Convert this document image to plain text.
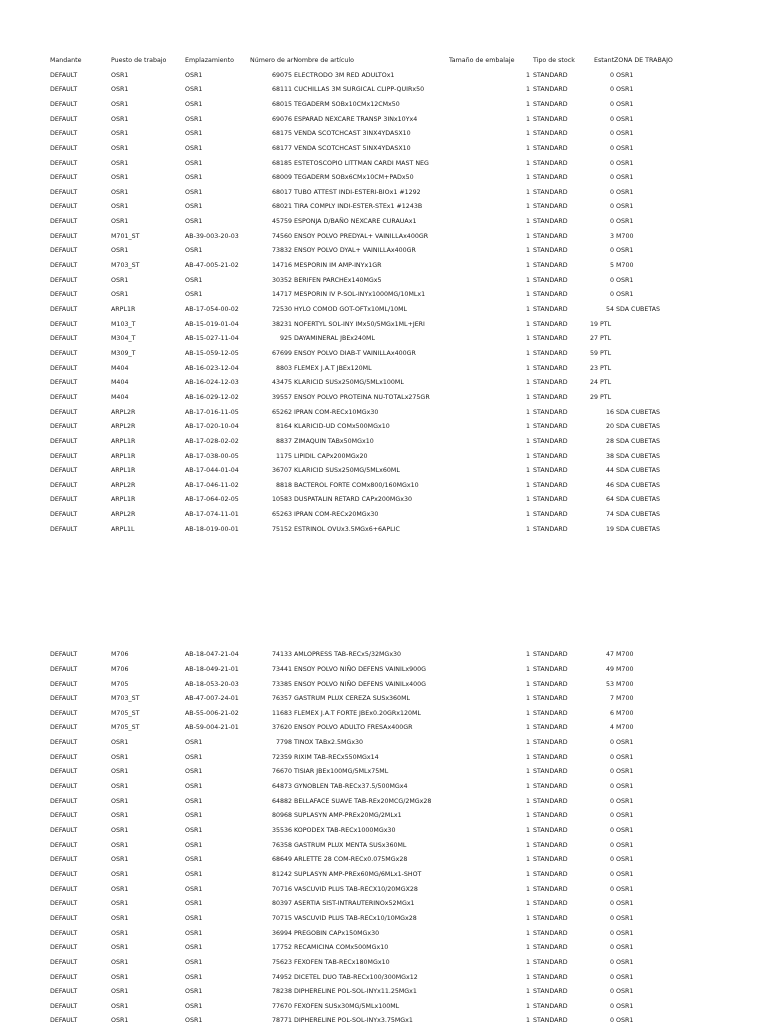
Mandante	Puesto de trabajo	Emplazamiento	Número de arNombre de artículo	Tamaño de embalaje	Tipo de stock	EstantZONA DE TRABAJO
DEFAULT	OSR1	OSR1	69075 ELECTRODO 3M RED ADULTOx1	1 STANDARD	0 OSR1
DEFAULT	OSR1	OSR1	68111 CUCHILLAS 3M SURGICAL CLIPP-QUIRx50	1 STANDARD	0 OSR1
DEFAULT	OSR1	OSR1	68015 TEGADERM SOBx10CMx12CMx50	1 STANDARD	0 OSR1
DEFAULT	OSR1	OSR1	69076 ESPARAD NEXCARE TRANSP 3INx10Yx4	1 STANDARD	0 OSR1
DEFAULT	OSR1	OSR1	68175 VENDA SCOTCHCAST 3INX4YDASX10	1 STANDARD	0 OSR1
DEFAULT	OSR1	OSR1	68177 VENDA SCOTCHCAST 5INX4YDASX10	1 STANDARD	0 OSR1
DEFAULT	OSR1	OSR1	68185 ESTETOSCOPIO LITTMAN CARDI MAST NEG	1 STANDARD	0 OSR1
DEFAULT	OSR1	OSR1	68009 TEGADERM SOBx6CMx10CM+PADx50	1 STANDARD	0 OSR1
DEFAULT	OSR1	OSR1	68017 TUBO ATTEST INDI-ESTERI-BIOx1 #1292	1 STANDARD	0 OSR1
DEFAULT	OSR1	OSR1	68021 TIRA COMPLY INDI-ESTER-STEx1 #1243B	1 STANDARD	0 OSR1
DEFAULT	OSR1	OSR1	45759 ESPONJA D/BAÑO NEXCARE CURAUAx1	1 STANDARD	0 OSR1
DEFAULT	M701_ST	AB-39-003-20-03	74560 ENSOY POLVO PREDYAL+ VAINILLAx400GR	1 STANDARD	3 M700
DEFAULT	OSR1	OSR1	73832 ENSOY POLVO DYAL+ VAINILLAx400GR	1 STANDARD	0 OSR1
DEFAULT	M703_ST	AB-47-005-21-02	14716 MESPORIN IM AMP-INYx1GR	1 STANDARD	5 M700
DEFAULT	OSR1	OSR1	30352 BERIFEN PARCHEx140MGx5	1 STANDARD	0 OSR1
DEFAULT	OSR1	OSR1	14717 MESPORIN IV P-SOL-INYx1000MG/10MLx1	1 STANDARD	0 OSR1
DEFAULT	ARPL1R	AB-17-054-00-02	72530 HYLO COMOD GOT-OFTx10ML/10ML	1 STANDARD	54 SDA CUBETAS
DEFAULT	M103_T	AB-15-019-01-04	38231 NOFERTYL SOL-INY IMx50/5MGx1ML+JERI	1 STANDARD	19 PTL
DEFAULT	M304_T	AB-15-027-11-04	925 DAYAMINERAL JBEx240ML	1 STANDARD	27 PTL
DEFAULT	M309_T	AB-15-059-12-05	67699 ENSOY POLVO DIAB-T VAINILLAx400GR	1 STANDARD	59 PTL
DEFAULT	M404	AB-16-023-12-04	8803 FLEMEX J.A.T JBEx120ML	1 STANDARD	23 PTL
DEFAULT	M404	AB-16-024-12-03	43475 KLARICID SUSx250MG/5MLx100ML	1 STANDARD	24 PTL
DEFAULT	M404	AB-16-029-12-02	39557 ENSOY POLVO PROTEINA NU-TOTALx275GR	1 STANDARD	29 PTL
DEFAULT	ARPL2R	AB-17-016-11-05	65262 IPRAN COM-RECx10MGx30	1 STANDARD	16 SDA CUBETAS
DEFAULT	ARPL2R	AB-17-020-10-04	8164 KLARICID-UD COMx500MGx10	1 STANDARD	20 SDA CUBETAS
DEFAULT	ARPL1R	AB-17-028-02-02	8837 ZIMAQUIN TABx50MGx10	1 STANDARD	28 SDA CUBETAS
DEFAULT	ARPL1R	AB-17-038-00-05	1175 LIPIDIL CAPx200MGx20	1 STANDARD	38 SDA CUBETAS
DEFAULT	ARPL1R	AB-17-044-01-04	36707 KLARICID SUSx250MG/5MLx60ML	1 STANDARD	44 SDA CUBETAS
DEFAULT	ARPL2R	AB-17-046-11-02	8818 BACTEROL FORTE COMx800/160MGx10	1 STANDARD	46 SDA CUBETAS
DEFAULT	ARPL1R	AB-17-064-02-05	10583 DUSPATALIN RETARD CAPx200MGx30	1 STANDARD	64 SDA CUBETAS
DEFAULT	ARPL2R	AB-17-074-11-01	65263 IPRAN COM-RECx20MGx30	1 STANDARD	74 SDA CUBETAS
DEFAULT	ARPL1L	AB-18-019-00-01	75152 ESTRINOL OVUx3.5MGx6+6APLIC	1 STANDARD	19 SDA CUBETAS
DEFAULT	M706	AB-18-047-21-04	74133 AMLOPRESS TAB-RECx5/32MGx30	1 STANDARD	47 M700
DEFAULT	M706	AB-18-049-21-01	73441 ENSOY POLVO NIÑO DEFENS VAINILx900G	1 STANDARD	49 M700
DEFAULT	M705	AB-18-053-20-03	73385 ENSOY POLVO NIÑO DEFENS VAINILx400G	1 STANDARD	53 M700
DEFAULT	M703_ST	AB-47-007-24-01	76357 GASTRUM PLUX CEREZA SUSx360ML	1 STANDARD	7 M700
DEFAULT	M705_ST	AB-55-006-21-02	11683 FLEMEX J.A.T FORTE JBEx0.20GRx120ML	1 STANDARD	6 M700
DEFAULT	M705_ST	AB-59-004-21-01	37620 ENSOY POLVO ADULTO FRESAx400GR	1 STANDARD	4 M700
DEFAULT	OSR1	OSR1	7798 TINOX TABx2.5MGx30	1 STANDARD	0 OSR1
DEFAULT	OSR1	OSR1	72359 RIXIM TAB-RECx550MGx14	1 STANDARD	0 OSR1
DEFAULT	OSR1	OSR1	76670 TISIAR JBEx100MG/5MLx75ML	1 STANDARD	0 OSR1
DEFAULT	OSR1	OSR1	64873 GYNOBLEN TAB-RECx37.5/500MGx4	1 STANDARD	0 OSR1
DEFAULT	OSR1	OSR1	64882 BELLAFACE SUAVE TAB-REx20MCG/2MGx28	1 STANDARD	0 OSR1
DEFAULT	OSR1	OSR1	80968 SUPLASYN AMP-PREx20MG/2MLx1	1 STANDARD	0 OSR1
DEFAULT	OSR1	OSR1	35536 KOPODEX TAB-RECx1000MGx30	1 STANDARD	0 OSR1
DEFAULT	OSR1	OSR1	76358 GASTRUM PLUX MENTA SUSx360ML	1 STANDARD	0 OSR1
DEFAULT	OSR1	OSR1	68649 ARLETTE 28 COM-RECx0.075MGx28	1 STANDARD	0 OSR1
DEFAULT	OSR1	OSR1	81242 SUPLASYN AMP-PREx60MG/6MLx1-SHOT	1 STANDARD	0 OSR1
DEFAULT	OSR1	OSR1	70716 VASCUVID PLUS TAB-RECX10/20MGX28	1 STANDARD	0 OSR1
DEFAULT	OSR1	OSR1	80397 ASERTIA SIST-INTRAUTERINOx52MGx1	1 STANDARD	0 OSR1
DEFAULT	OSR1	OSR1	70715 VASCUVID PLUS TAB-RECx10/10MGx28	1 STANDARD	0 OSR1
DEFAULT	OSR1	OSR1	36994 PREGOBIN CAPx150MGx30	1 STANDARD	0 OSR1
DEFAULT	OSR1	OSR1	17752 RECAMICINA COMx500MGx10	1 STANDARD	0 OSR1
DEFAULT	OSR1	OSR1	75623 FEXOFEN TAB-RECx180MGx10	1 STANDARD	0 OSR1
DEFAULT	OSR1	OSR1	74952 DICETEL DUO TAB-RECx100/300MGx12	1 STANDARD	0 OSR1
DEFAULT	OSR1	OSR1	78238 DIPHERELINE POL-SOL-INYx11.25MGx1	1 STANDARD	0 OSR1
DEFAULT	OSR1	OSR1	77670 FEXOFEN SUSx30MG/5MLx100ML	1 STANDARD	0 OSR1
DEFAULT	OSR1	OSR1	78771 DIPHERELINE POL-SOL-INYx3.75MGx1	1 STANDARD	0 OSR1
